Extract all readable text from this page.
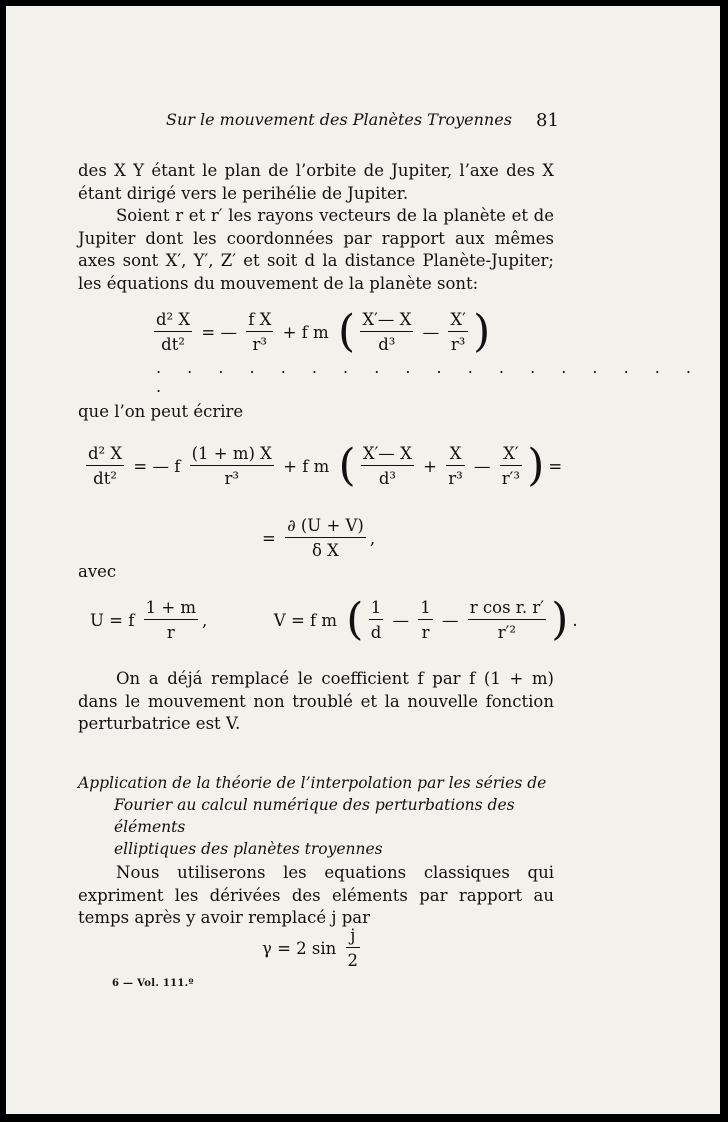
Sur le mouvement des Planètes Troyennes 81
des X Y étant le plan de l’orbite de Jupiter, l’axe des X étant dirigé vers le perihélie de Jupiter.
Soient r et r′ les rayons vecteurs de la planète et de Jupiter dont les coordonnées par rapport aux mêmes axes sont X′, Y′, Z′ et soit d la distance Planète-Jupiter; les équations du mouvement de la planète sont:
$\frac{\text{d² X}}{\text{dt²}}$ = — $\frac{\text{f X}}{\text{r³}} + f$ m ( $\frac{X'— X}{\text{d³}}$ — $\frac{X'}{\text{r³}}$ )
. . . . . . . . . . . . . . . . . . .
que l’on peut écrire
$\frac{\text{d² X}}{\text{dt²}}$ = — f $\frac{(1 + m) X}{\text{r³}} + f$ m ( $\frac{X'— X}{\text{d³}} + \frac{X}{\text{r³}}$ — $\frac{X'}{\text{r′³}}$ ) =
= $\frac{\partial (U + V)}{\text{δ X}}$ ,
avec
U = f $\frac{1 + m}{r}$ ,	V = f m ( $\frac{1}{d}$ — $\frac{1}{r}$ — $\frac{\text{r cos r. r′}}{\text{r′²}}$ ) .
On a déjá remplacé le coefficient f par f (1 + m) dans le mouvement non troublé et la nouvelle fonction perturbatrice est V.
Application de la théorie de l’interpolation par les séries de
Fourier au calcul numérique des perturbations des éléments
elliptiques des planètes troyennes
Nous utiliserons les equations classiques qui expriment les dérivées des eléments par rapport au temps après y avoir remplacé j par
γ = 2 $\sin \frac{j}{2}$
6 — Vol. 111.º
